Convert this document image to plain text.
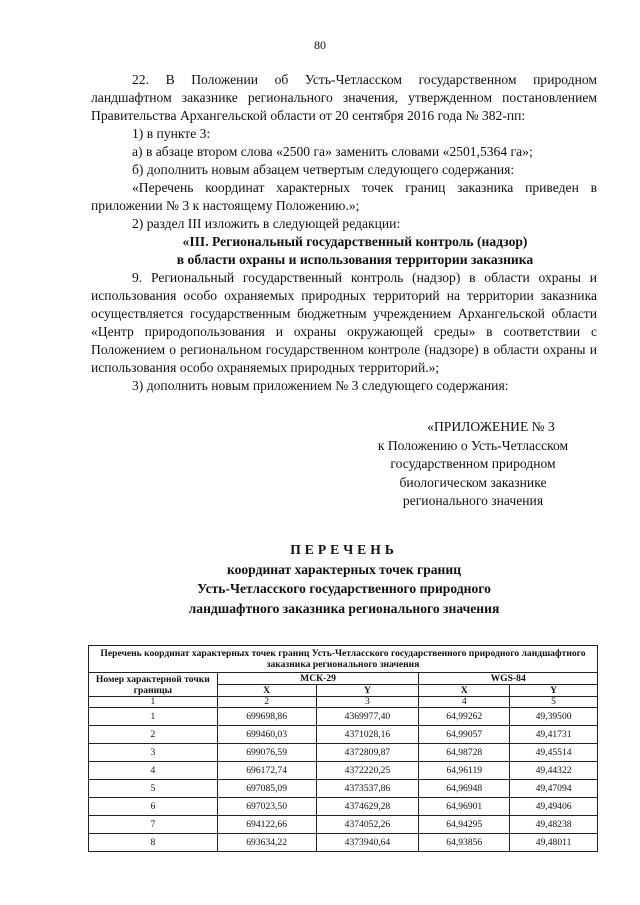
80

22. В Положении об Усть-Четласском государственном природном ландшафтном заказнике регионального значения, утвержденном постановлением Правительства Архангельской области от 20 сентября 2016 года № 382-пп:

1) в пункте 3:

а) в абзаце втором слова «2500 га» заменить словами «2501,5364 га»;

б) дополнить новым абзацем четвертым следующего содержания:

«Перечень координат характерных точек границ заказника приведен в приложении № 3 к настоящему Положению.»;

2) раздел III изложить в следующей редакции:

«III. Региональный государственный контроль (надзор)

в области охраны и использования территории заказника

9. Региональный государственный контроль (надзор) в области охраны и использования особо охраняемых природных территорий на территории заказника осуществляется государственным бюджетным учреждением Архангельской области «Центр природопользования и охраны окружающей среды» в соответствии с Положением о региональном государственном контроле (надзоре) в области охраны и использования особо охраняемых природных территорий.»;

3) дополнить новым приложением № 3 следующего содержания:

«ПРИЛОЖЕНИЕ № 3
к Положению о Усть-Четласском
государственном природном
биологическом заказнике
регионального значения
ПЕРЕЧЕНЬ
координат характерных точек границ
Усть-Четласского государственного природного
ландшафтного заказника регионального значения
Перечень координат характерных точек границ Усть-Четласского государственного природного ландшафтного заказника регионального значения				
Номер характерной точки границы	МСК-29		WGS-84	
	X	Y	X	Y
1	2	3	4	5
1	699698,86	4369977,40	64,99262	49,39500
2	699460,03	4371028,16	64,99057	49,41731
3	699076,59	4372809,87	64,98728	49,45514
4	696172,74	4372220,25	64,96119	49,44322
5	697085,09	4373537,86	64,96948	49,47094
6	697023,50	4374629,28	64,96901	49,49406
7	694122,66	4374052,26	64,94295	49,48238
8	693634,22	4373940,64	64,93856	49,48011
